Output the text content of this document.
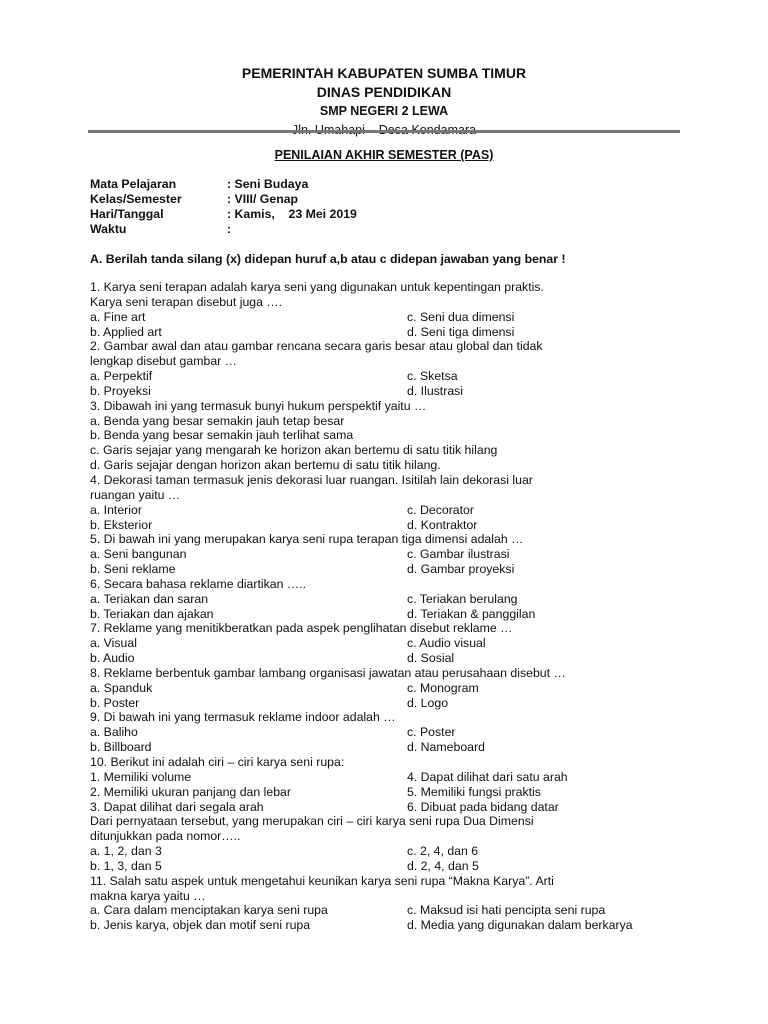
PEMERINTAH KABUPATEN SUMBA TIMUR
DINAS PENDIDIKAN
SMP NEGERI 2 LEWA
PENILAIAN AKHIR SEMESTER (PAS)
Mata Pelajaran	: Seni Budaya
Kelas/Semester	: VIII/ Genap
Hari/Tanggal	: Kamis,    23 Mei 2019
Waktu	:
A. Berilah tanda silang (x) didepan huruf a,b atau c didepan jawaban yang benar !
1. Karya seni terapan adalah karya seni yang digunakan untuk kepentingan praktis.
Karya seni terapan disebut juga ….
a. Fine art	c. Seni dua dimensi
b. Applied art	d. Seni tiga dimensi
2. Gambar awal dan atau gambar rencana secara garis besar atau global dan tidak
lengkap disebut gambar …
a. Perpektif	c. Sketsa
b. Proyeksi	d. Ilustrasi
3. Dibawah ini yang termasuk bunyi hukum perspektif yaitu …
a. Benda yang besar semakin jauh tetap besar
b. Benda yang besar semakin jauh terlihat sama
c. Garis sejajar yang mengarah ke horizon akan bertemu di satu titik hilang
d. Garis sejajar dengan horizon akan bertemu di satu titik hilang.
4. Dekorasi taman termasuk jenis dekorasi luar ruangan. Isitilah lain dekorasi luar
ruangan yaitu …
a. Interior	c. Decorator
b. Eksterior	d. Kontraktor
5. Di bawah ini yang merupakan karya seni rupa terapan tiga dimensi adalah …
a. Seni bangunan	c. Gambar ilustrasi
b. Seni reklame	d. Gambar proyeksi
6. Secara bahasa reklame diartikan …..
a. Teriakan dan saran	c. Teriakan berulang
b. Teriakan dan ajakan	d. Teriakan & panggilan
7. Reklame yang menitikberatkan pada aspek penglihatan disebut reklame …
a. Visual	c. Audio visual
b. Audio	d. Sosial
8. Reklame berbentuk gambar lambang organisasi jawatan atau perusahaan disebut …
a. Spanduk	c. Monogram
b. Poster	d. Logo
9. Di bawah ini yang termasuk reklame indoor adalah …
a. Baliho	c. Poster
b. Billboard	d. Nameboard
10. Berikut ini adalah ciri – ciri karya seni rupa:
1. Memiliki volume	4. Dapat dilihat dari satu arah
2. Memiliki ukuran panjang dan lebar	5. Memiliki fungsi praktis
3. Dapat dilihat dari segala arah	6. Dibuat pada bidang datar
Dari pernyataan tersebut, yang merupakan ciri – ciri karya seni rupa Dua Dimensi
ditunjukkan pada nomor…..
a. 1, 2, dan 3	c. 2, 4, dan 6
b. 1, 3, dan 5	d. 2, 4, dan 5
11. Salah satu aspek untuk mengetahui keunikan karya seni rupa “Makna Karya”. Arti
makna karya yaitu …
a. Cara dalam menciptakan karya seni rupa	c. Maksud isi hati pencipta seni rupa
b. Jenis karya, objek dan motif seni rupa	d. Media yang digunakan dalam berkarya
